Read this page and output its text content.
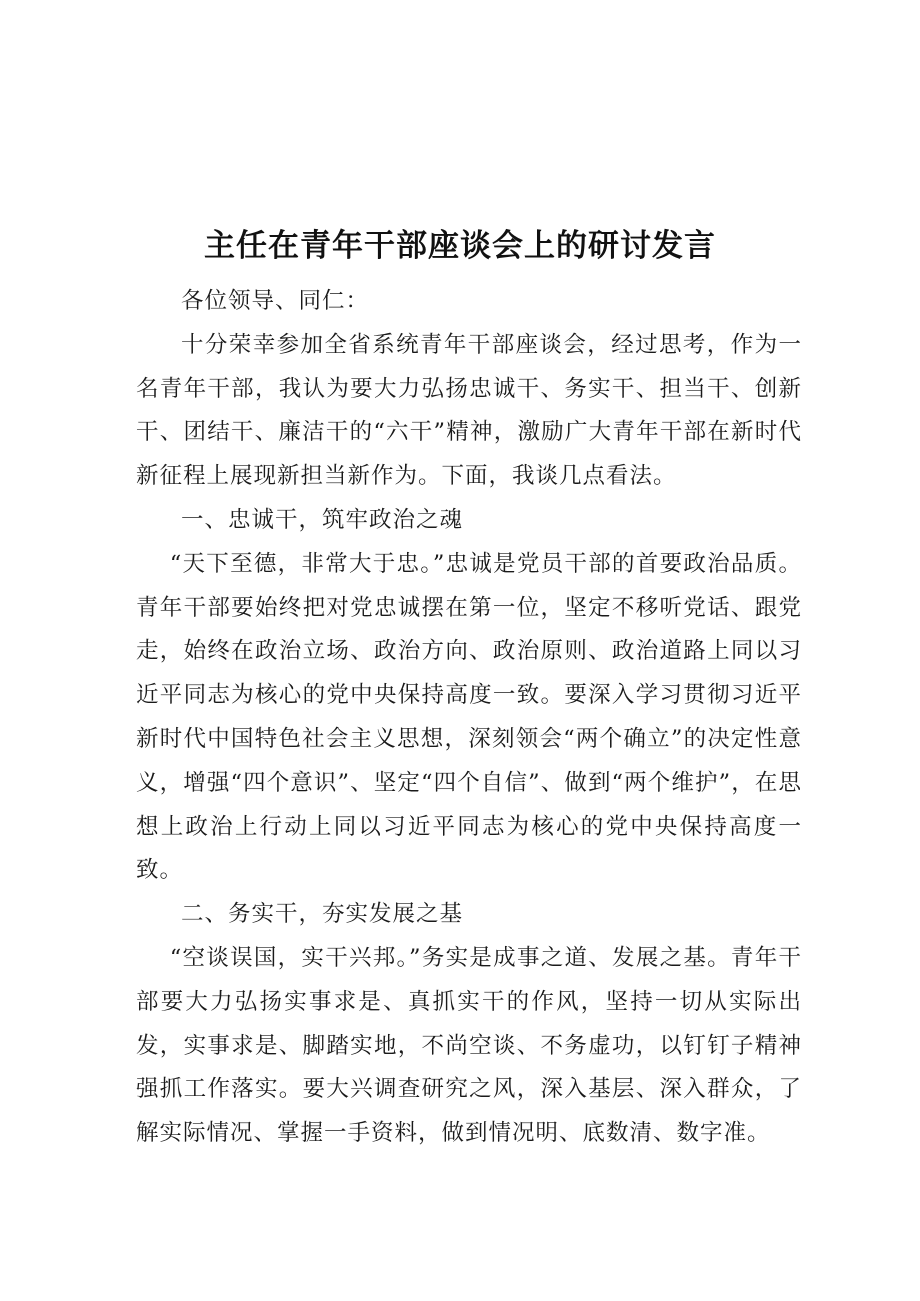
主任在青年干部座谈会上的研讨发言

各位领导、同仁：

十分荣幸参加全省系统青年干部座谈会，经过思考，作为一名青年干部，我认为要大力弘扬忠诚干、务实干、担当干、创新干、团结干、廉洁干的“六干”精神，激励广大青年干部在新时代新征程上展现新担当新作为。下面，我谈几点看法。

一、忠诚干，筑牢政治之魂

“天下至德，非常大于忠。”忠诚是党员干部的首要政治品质。青年干部要始终把对党忠诚摆在第一位，坚定不移听党话、跟党走，始终在政治立场、政治方向、政治原则、政治道路上同以习近平同志为核心的党中央保持高度一致。要深入学习贯彻习近平新时代中国特色社会主义思想，深刻领会“两个确立”的决定性意义，增强“四个意识”、坚定“四个自信”、做到“两个维护”，在思想上政治上行动上同以习近平同志为核心的党中央保持高度一致。

二、务实干，夯实发展之基

“空谈误国，实干兴邦。”务实是成事之道、发展之基。青年干部要大力弘扬实事求是、真抓实干的作风，坚持一切从实际出发，实事求是、脚踏实地，不尚空谈、不务虚功，以钉钉子精神强抓工作落实。要大兴调查研究之风，深入基层、深入群众，了解实际情况、掌握一手资料，做到情况明、底数清、数字准。
